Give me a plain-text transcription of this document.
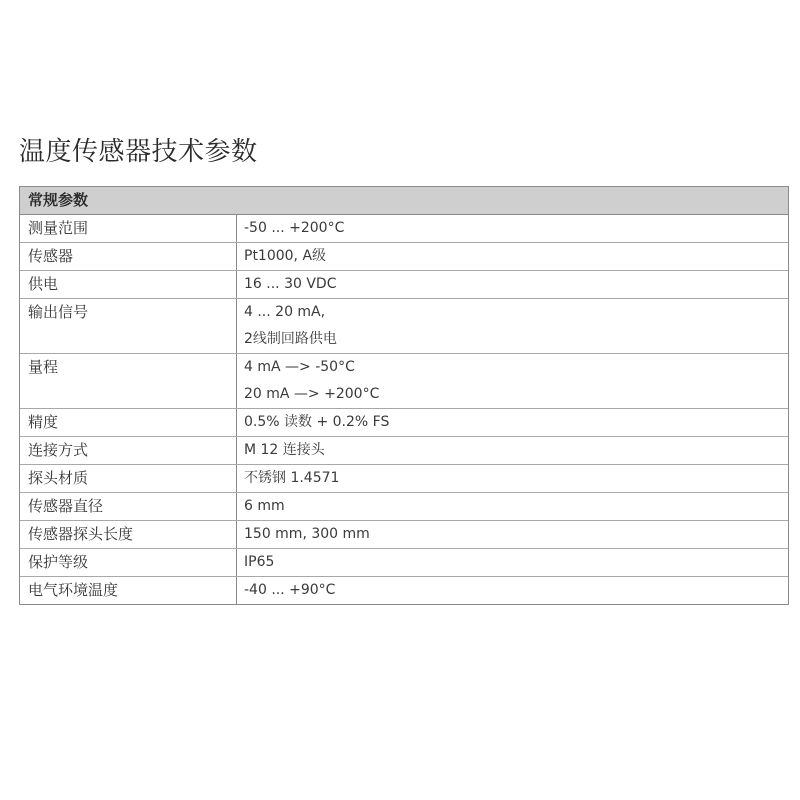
温度传感器技术参数
常规参数
测量范围	-50 ... +200°C
传感器	Pt1000, A级
供电	16 ... 30 VDC
输出信号	4 ... 20 mA,
2线制回路供电
量程	4 mA —> -50°C
20 mA —> +200°C
精度	0.5% 读数 + 0.2% FS
连接方式	M 12 连接头
探头材质	不锈钢 1.4571
传感器直径	6 mm
传感器探头长度	150 mm, 300 mm
保护等级	IP65
电气环境温度	-40 ... +90°C
